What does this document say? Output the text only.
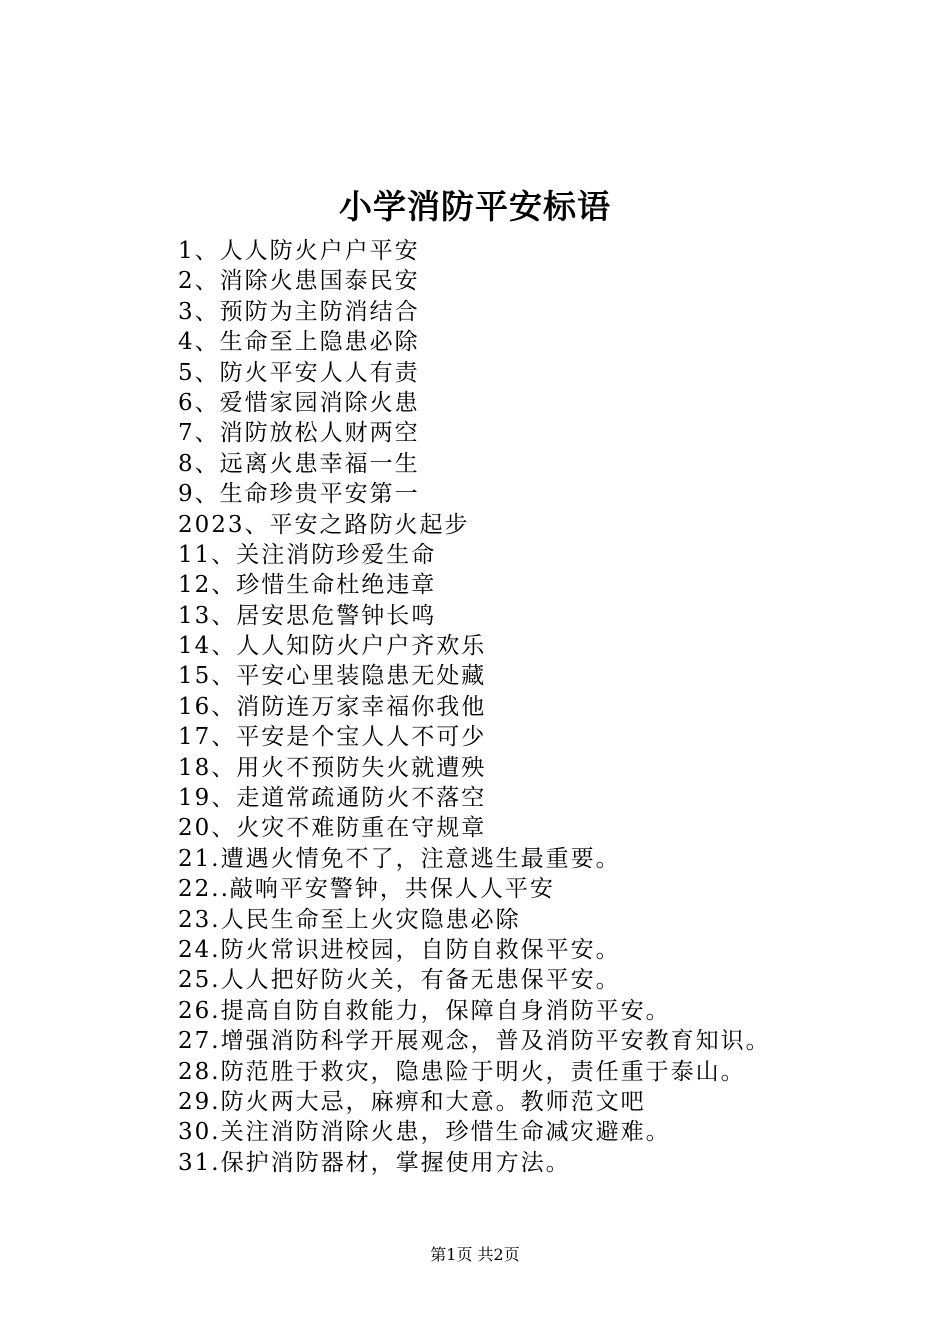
小学消防平安标语
1、人人防火户户平安
2、消除火患国泰民安
3、预防为主防消结合
4、生命至上隐患必除
5、防火平安人人有责
6、爱惜家园消除火患
7、消防放松人财两空
8、远离火患幸福一生
9、生命珍贵平安第一
2023、平安之路防火起步
11、关注消防珍爱生命
12、珍惜生命杜绝违章
13、居安思危警钟长鸣
14、人人知防火户户齐欢乐
15、平安心里装隐患无处藏
16、消防连万家幸福你我他
17、平安是个宝人人不可少
18、用火不预防失火就遭殃
19、走道常疏通防火不落空
20、火灾不难防重在守规章
21.遭遇火情免不了，注意逃生最重要。
22..敲响平安警钟，共保人人平安
23.人民生命至上火灾隐患必除
24.防火常识进校园，自防自救保平安。
25.人人把好防火关，有备无患保平安。
26.提高自防自救能力，保障自身消防平安。
27.增强消防科学开展观念，普及消防平安教育知识。
28.防范胜于救灾，隐患险于明火，责任重于泰山。
29.防火两大忌，麻痹和大意。教师范文吧
30.关注消防消除火患，珍惜生命减灾避难。
31.保护消防器材，掌握使用方法。
第1页 共2页
